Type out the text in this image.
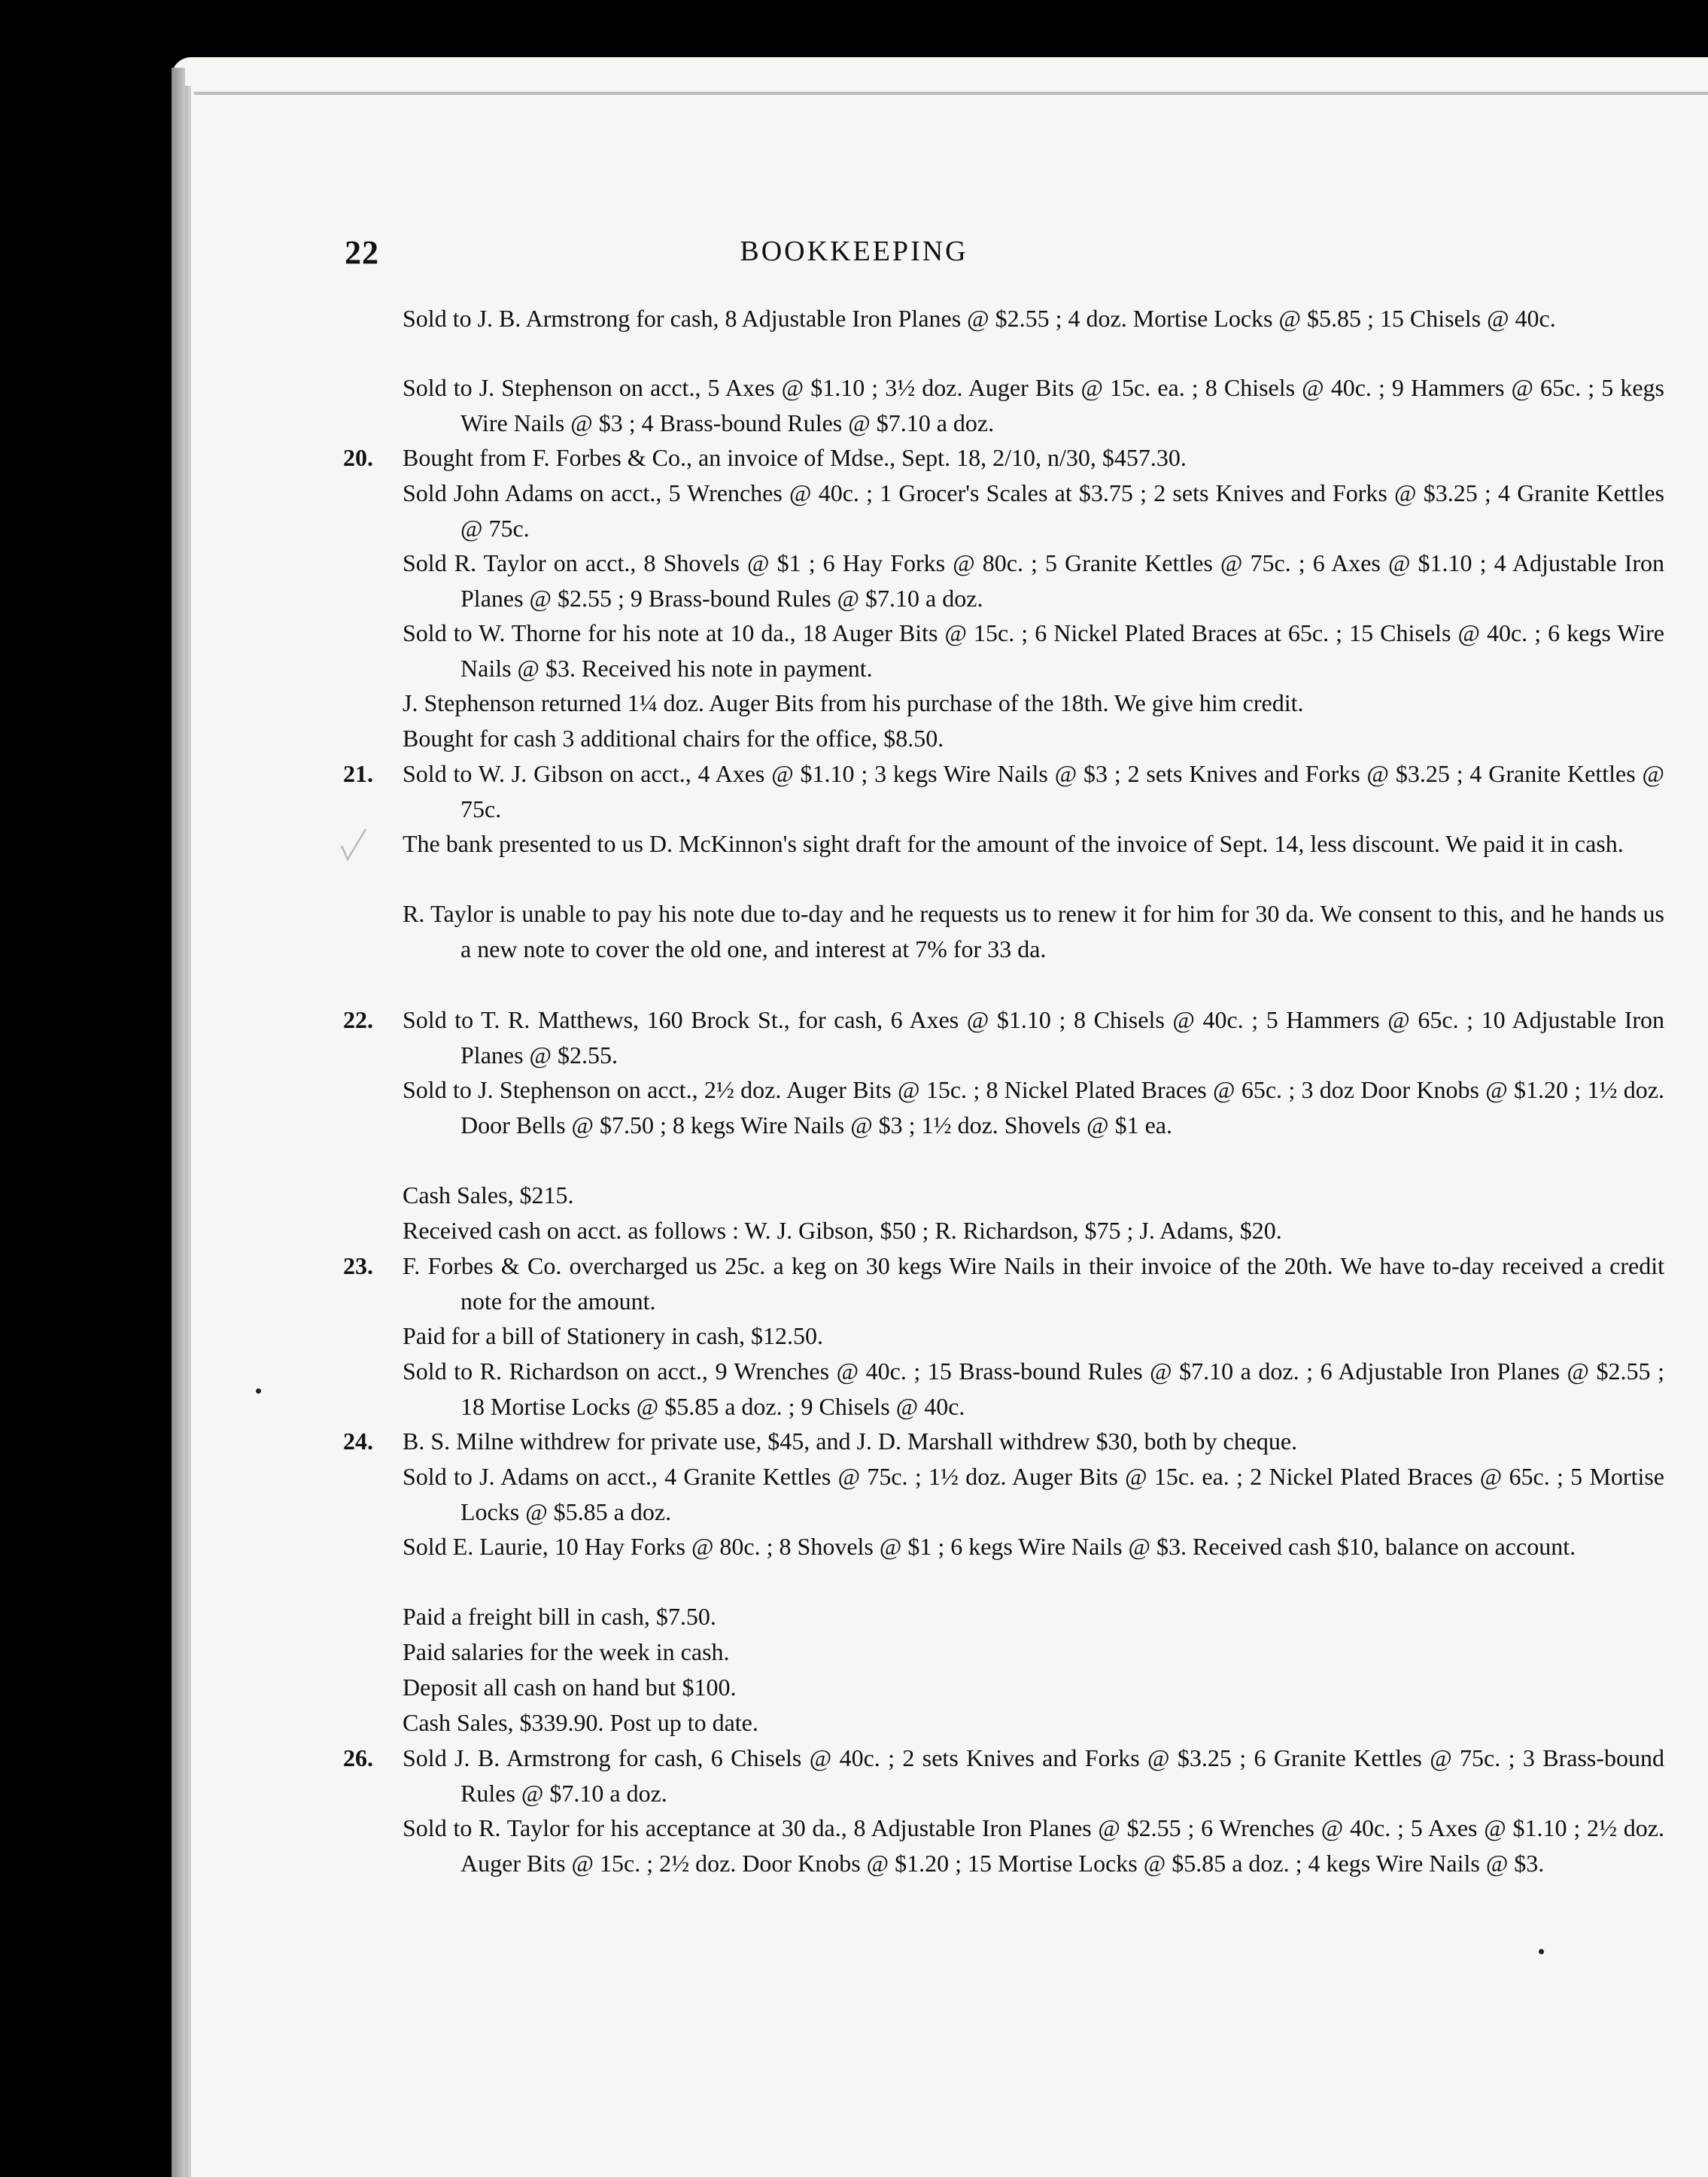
22	BOOKKEEPING

Sold to J. B. Armstrong for cash, 8 Adjustable Iron Planes @ $2.55 ; 4 doz. Mortise Locks @ $5.85 ; 15 Chisels @ 40c.

Sold to J. Stephenson on acct., 5 Axes @ $1.10 ; 3½ doz. Auger Bits @ 15c. ea. ; 8 Chisels @ 40c. ; 9 Hammers @ 65c. ; 5 kegs Wire Nails @ $3 ; 4 Brass-bound Rules @ $7.10 a doz.

20. Bought from F. Forbes & Co., an invoice of Mdse., Sept. 18, 2/10, n/30, $457.30.

Sold John Adams on acct., 5 Wrenches @ 40c. ; 1 Grocer's Scales at $3.75 ; 2 sets Knives and Forks @ $3.25 ; 4 Granite Kettles @ 75c.

Sold R. Taylor on acct., 8 Shovels @ $1 ; 6 Hay Forks @ 80c. ; 5 Granite Kettles @ 75c. ; 6 Axes @ $1.10 ; 4 Adjustable Iron Planes @ $2.55 ; 9 Brass-bound Rules @ $7.10 a doz.

Sold to W. Thorne for his note at 10 da., 18 Auger Bits @ 15c. ; 6 Nickel Plated Braces at 65c. ; 15 Chisels @ 40c. ; 6 kegs Wire Nails @ $3. Received his note in payment.

J. Stephenson returned 1¼ doz. Auger Bits from his purchase of the 18th. We give him credit.

Bought for cash 3 additional chairs for the office, $8.50.

21. Sold to W. J. Gibson on acct., 4 Axes @ $1.10 ; 3 kegs Wire Nails @ $3 ; 2 sets Knives and Forks @ $3.25 ; 4 Granite Kettles @ 75c.

The bank presented to us D. McKinnon's sight draft for the amount of the invoice of Sept. 14, less discount. We paid it in cash.

R. Taylor is unable to pay his note due to-day and he requests us to renew it for him for 30 da. We consent to this, and he hands us a new note to cover the old one, and interest at 7% for 33 da.

22. Sold to T. R. Matthews, 160 Brock St., for cash, 6 Axes @ $1.10 ; 8 Chisels @ 40c. ; 5 Hammers @ 65c. ; 10 Adjustable Iron Planes @ $2.55.

Sold to J. Stephenson on acct., 2½ doz. Auger Bits @ 15c. ; 8 Nickel Plated Braces @ 65c. ; 3 doz Door Knobs @ $1.20 ; 1½ doz. Door Bells @ $7.50 ; 8 kegs Wire Nails @ $3 ; 1½ doz. Shovels @ $1 ea.

Cash Sales, $215.

Received cash on acct. as follows : W. J. Gibson, $50 ; R. Richardson, $75 ; J. Adams, $20.

23. F. Forbes & Co. overcharged us 25c. a keg on 30 kegs Wire Nails in their invoice of the 20th. We have to-day received a credit note for the amount.

Paid for a bill of Stationery in cash, $12.50.

Sold to R. Richardson on acct., 9 Wrenches @ 40c. ; 15 Brass-bound Rules @ $7.10 a doz. ; 6 Adjustable Iron Planes @ $2.55 ; 18 Mortise Locks @ $5.85 a doz. ; 9 Chisels @ 40c.

24. B. S. Milne withdrew for private use, $45, and J. D. Marshall withdrew $30, both by cheque.

Sold to J. Adams on acct., 4 Granite Kettles @ 75c. ; 1½ doz. Auger Bits @ 15c. ea. ; 2 Nickel Plated Braces @ 65c. ; 5 Mortise Locks @ $5.85 a doz.

Sold E. Laurie, 10 Hay Forks @ 80c. ; 8 Shovels @ $1 ; 6 kegs Wire Nails @ $3. Received cash $10, balance on account.

Paid a freight bill in cash, $7.50.

Paid salaries for the week in cash.

Deposit all cash on hand but $100.

Cash Sales, $339.90. Post up to date.

26. Sold J. B. Armstrong for cash, 6 Chisels @ 40c. ; 2 sets Knives and Forks @ $3.25 ; 6 Granite Kettles @ 75c. ; 3 Brass-bound Rules @ $7.10 a doz.

Sold to R. Taylor for his acceptance at 30 da., 8 Adjustable Iron Planes @ $2.55 ; 6 Wrenches @ 40c. ; 5 Axes @ $1.10 ; 2½ doz. Auger Bits @ 15c. ; 2½ doz. Door Knobs @ $1.20 ; 15 Mortise Locks @ $5.85 a doz. ; 4 kegs Wire Nails @ $3.
